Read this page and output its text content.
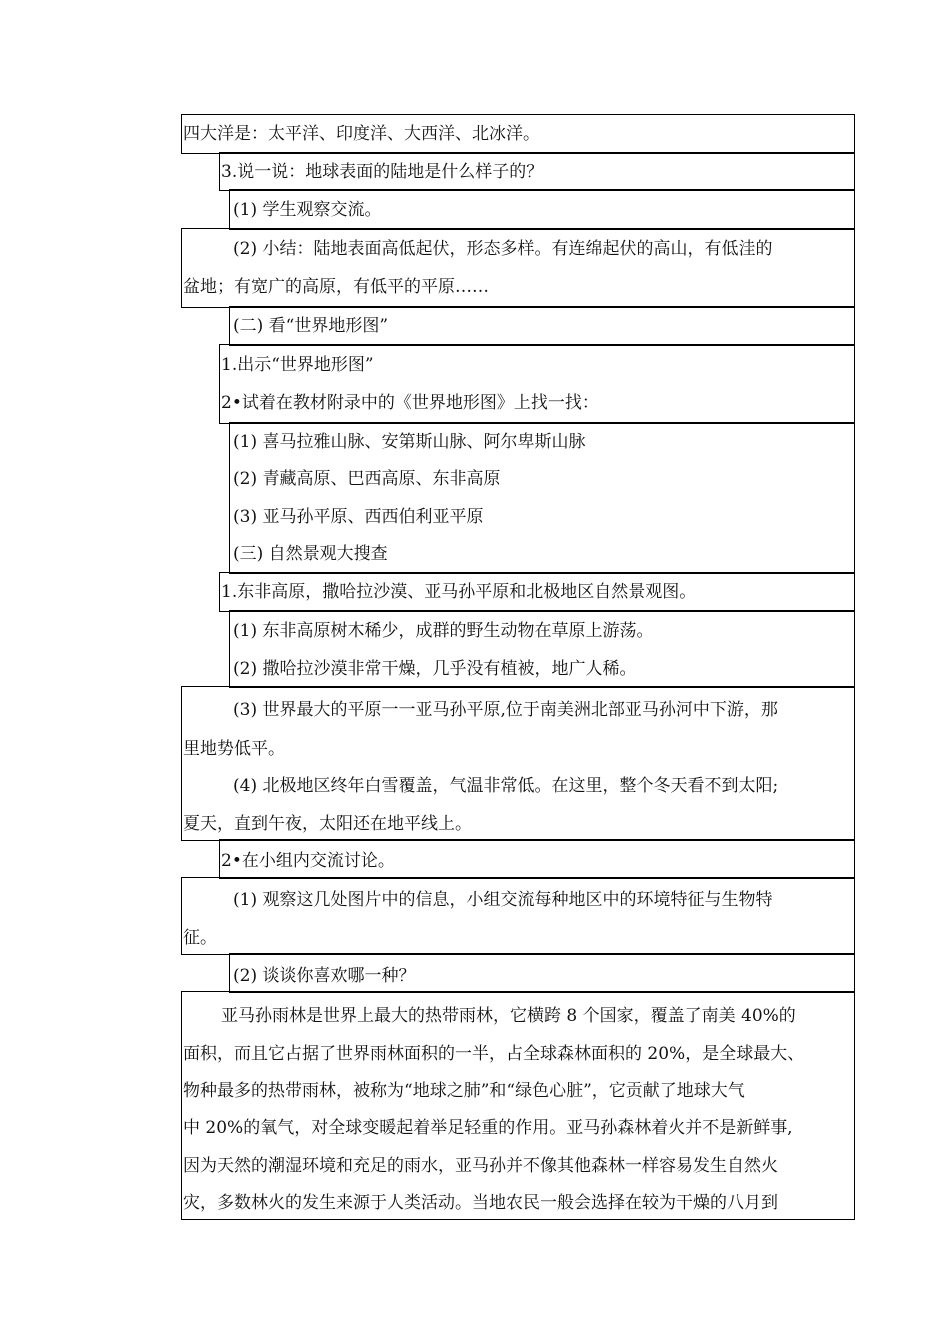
四大洋是：太平洋、印度洋、大西洋、北冰洋。
3.说一说：地球表面的陆地是什么样子的？
(1) 学生观察交流。
(2) 小结：陆地表面高低起伏，形态多样。有连绵起伏的高山，有低洼的
盆地；有宽广的高原，有低平的平原……
(二) 看“世界地形图”
1.出示“世界地形图”
2•试着在教材附录中的《世界地形图》上找一找：
(1) 喜马拉雅山脉、安第斯山脉、阿尔卑斯山脉
(2) 青藏高原、巴西高原、东非高原
(3) 亚马孙平原、西西伯利亚平原
(三) 自然景观大搜查
1.东非高原，撒哈拉沙漠、亚马孙平原和北极地区自然景观图。
(1) 东非高原树木稀少，成群的野生动物在草原上游荡。
(2) 撒哈拉沙漠非常干燥，几乎没有植被，地广人稀。
(3) 世界最大的平原一一亚马孙平原,位于南美洲北部亚马孙河中下游，那
里地势低平。
(4) 北极地区终年白雪覆盖，气温非常低。在这里，整个冬天看不到太阳;
夏天，直到午夜，太阳还在地平线上。
2•在小组内交流讨论。
(1) 观察这几处图片中的信息，小组交流每种地区中的环境特征与生物特
征。
(2) 谈谈你喜欢哪一种？
亚马孙雨林是世界上最大的热带雨林，它横跨 8 个国家，覆盖了南美 40%的
面积，而且它占据了世界雨林面积的一半，占全球森林面积的 20%，是全球最大、
物种最多的热带雨林，被称为“地球之肺”和“绿色心脏”，它贡献了地球大气
中 20%的氧气，对全球变暖起着举足轻重的作用。亚马孙森林着火并不是新鲜事,
因为天然的潮湿环境和充足的雨水，亚马孙并不像其他森林一样容易发生自然火
灾，多数林火的发生来源于人类活动。当地农民一般会选择在较为干燥的八月到
